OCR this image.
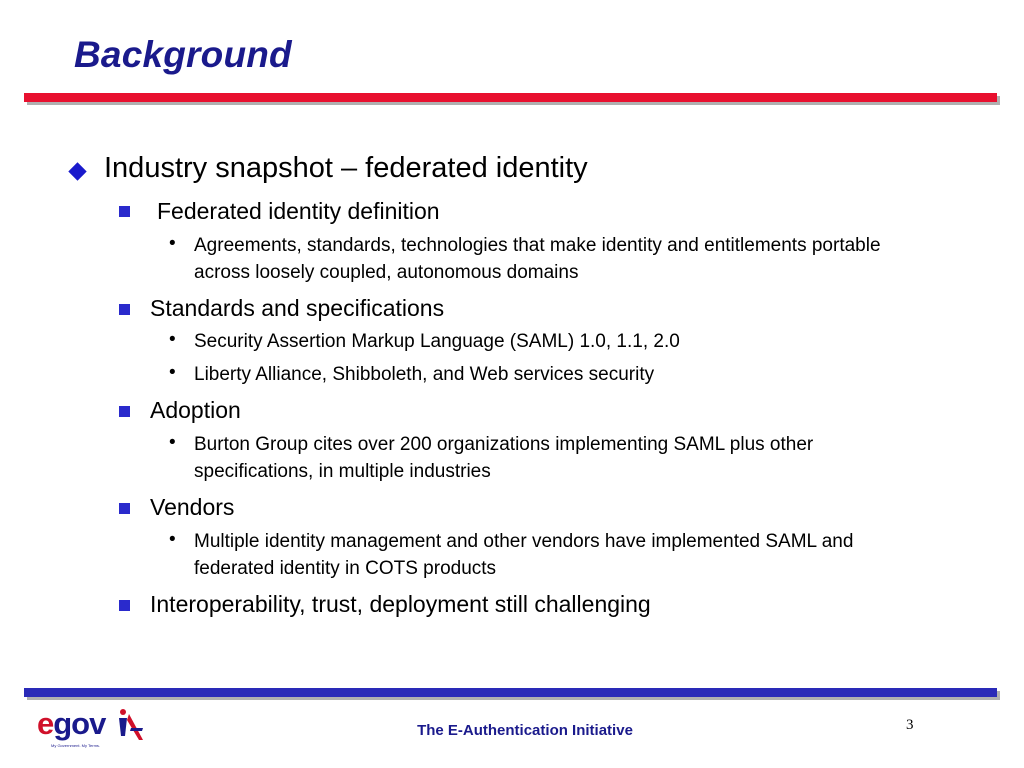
Background
Industry snapshot – federated identity
Federated identity definition
• Agreements, standards, technologies that make identity and entitlements portable across loosely coupled, autonomous domains
Standards and specifications
• Security Assertion Markup Language (SAML) 1.0, 1.1, 2.0
• Liberty Alliance, Shibboleth, and Web services security
Adoption
• Burton Group cites over 200 organizations implementing SAML plus other specifications, in multiple industries
Vendors
• Multiple identity management and other vendors have implemented SAML and federated identity in COTS products
Interoperability, trust, deployment still challenging
egov
My Government. My Terms.
The E-Authentication Initiative	3
